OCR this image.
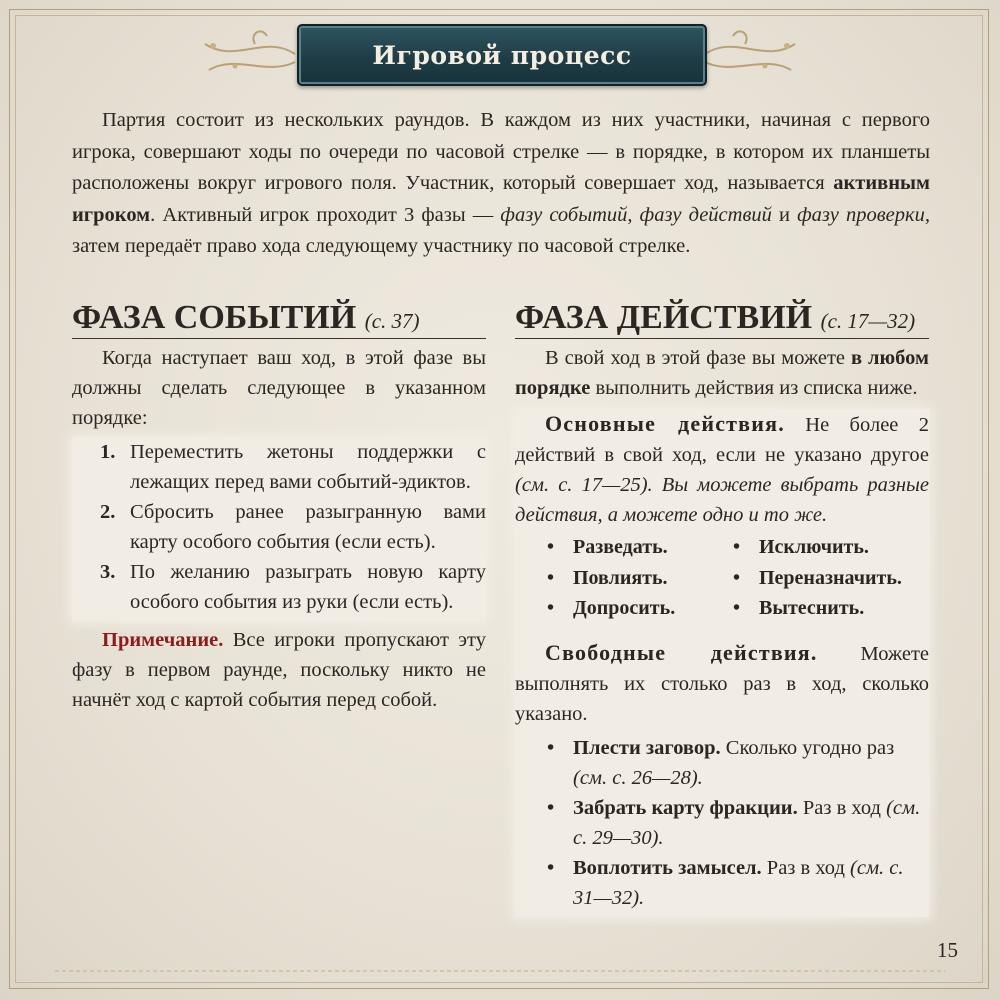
Игровой процесс

Партия состоит из нескольких раундов. В каждом из них участники, начиная с первого игрока, совершают ходы по очереди по часовой стрелке — в порядке, в котором их планшеты расположены вокруг игрового поля. Участник, который совершает ход, называется активным игроком. Активный игрок проходит 3 фазы — фазу событий, фазу действий и фазу проверки, затем передаёт право хода следующему участнику по часовой стрелке.

ФАЗА СОБЫТИЙ (с. 37)

Когда наступает ваш ход, в этой фазе вы должны сделать следующее в указанном порядке:

1. Переместить жетоны поддержки с лежащих перед вами событий-эдиктов.
2. Сбросить ранее разыгранную вами карту особого события (если есть).
3. По желанию разыграть новую карту особого события из руки (если есть).

Примечание. Все игроки пропускают эту фазу в первом раунде, поскольку никто не начнёт ход с картой события перед собой.

ФАЗА ДЕЙСТВИЙ (с. 17—32)

В свой ход в этой фазе вы можете в любом порядке выполнить действия из списка ниже.

Основные действия. Не более 2 действий в свой ход, если не указано другое (см. с. 17—25). Вы можете выбрать разные действия, а можете одно и то же.

• Разведать.	• Исключить.
• Повлиять.	• Переназначить.
• Допросить.	• Вытеснить.

Свободные действия. Можете выполнять их столько раз в ход, сколько указано.

• Плести заговор. Сколько угодно раз (см. с. 26—28).
• Забрать карту фракции. Раз в ход (см. с. 29—30).
• Воплотить замысел. Раз в ход (см. с. 31—32).
15
